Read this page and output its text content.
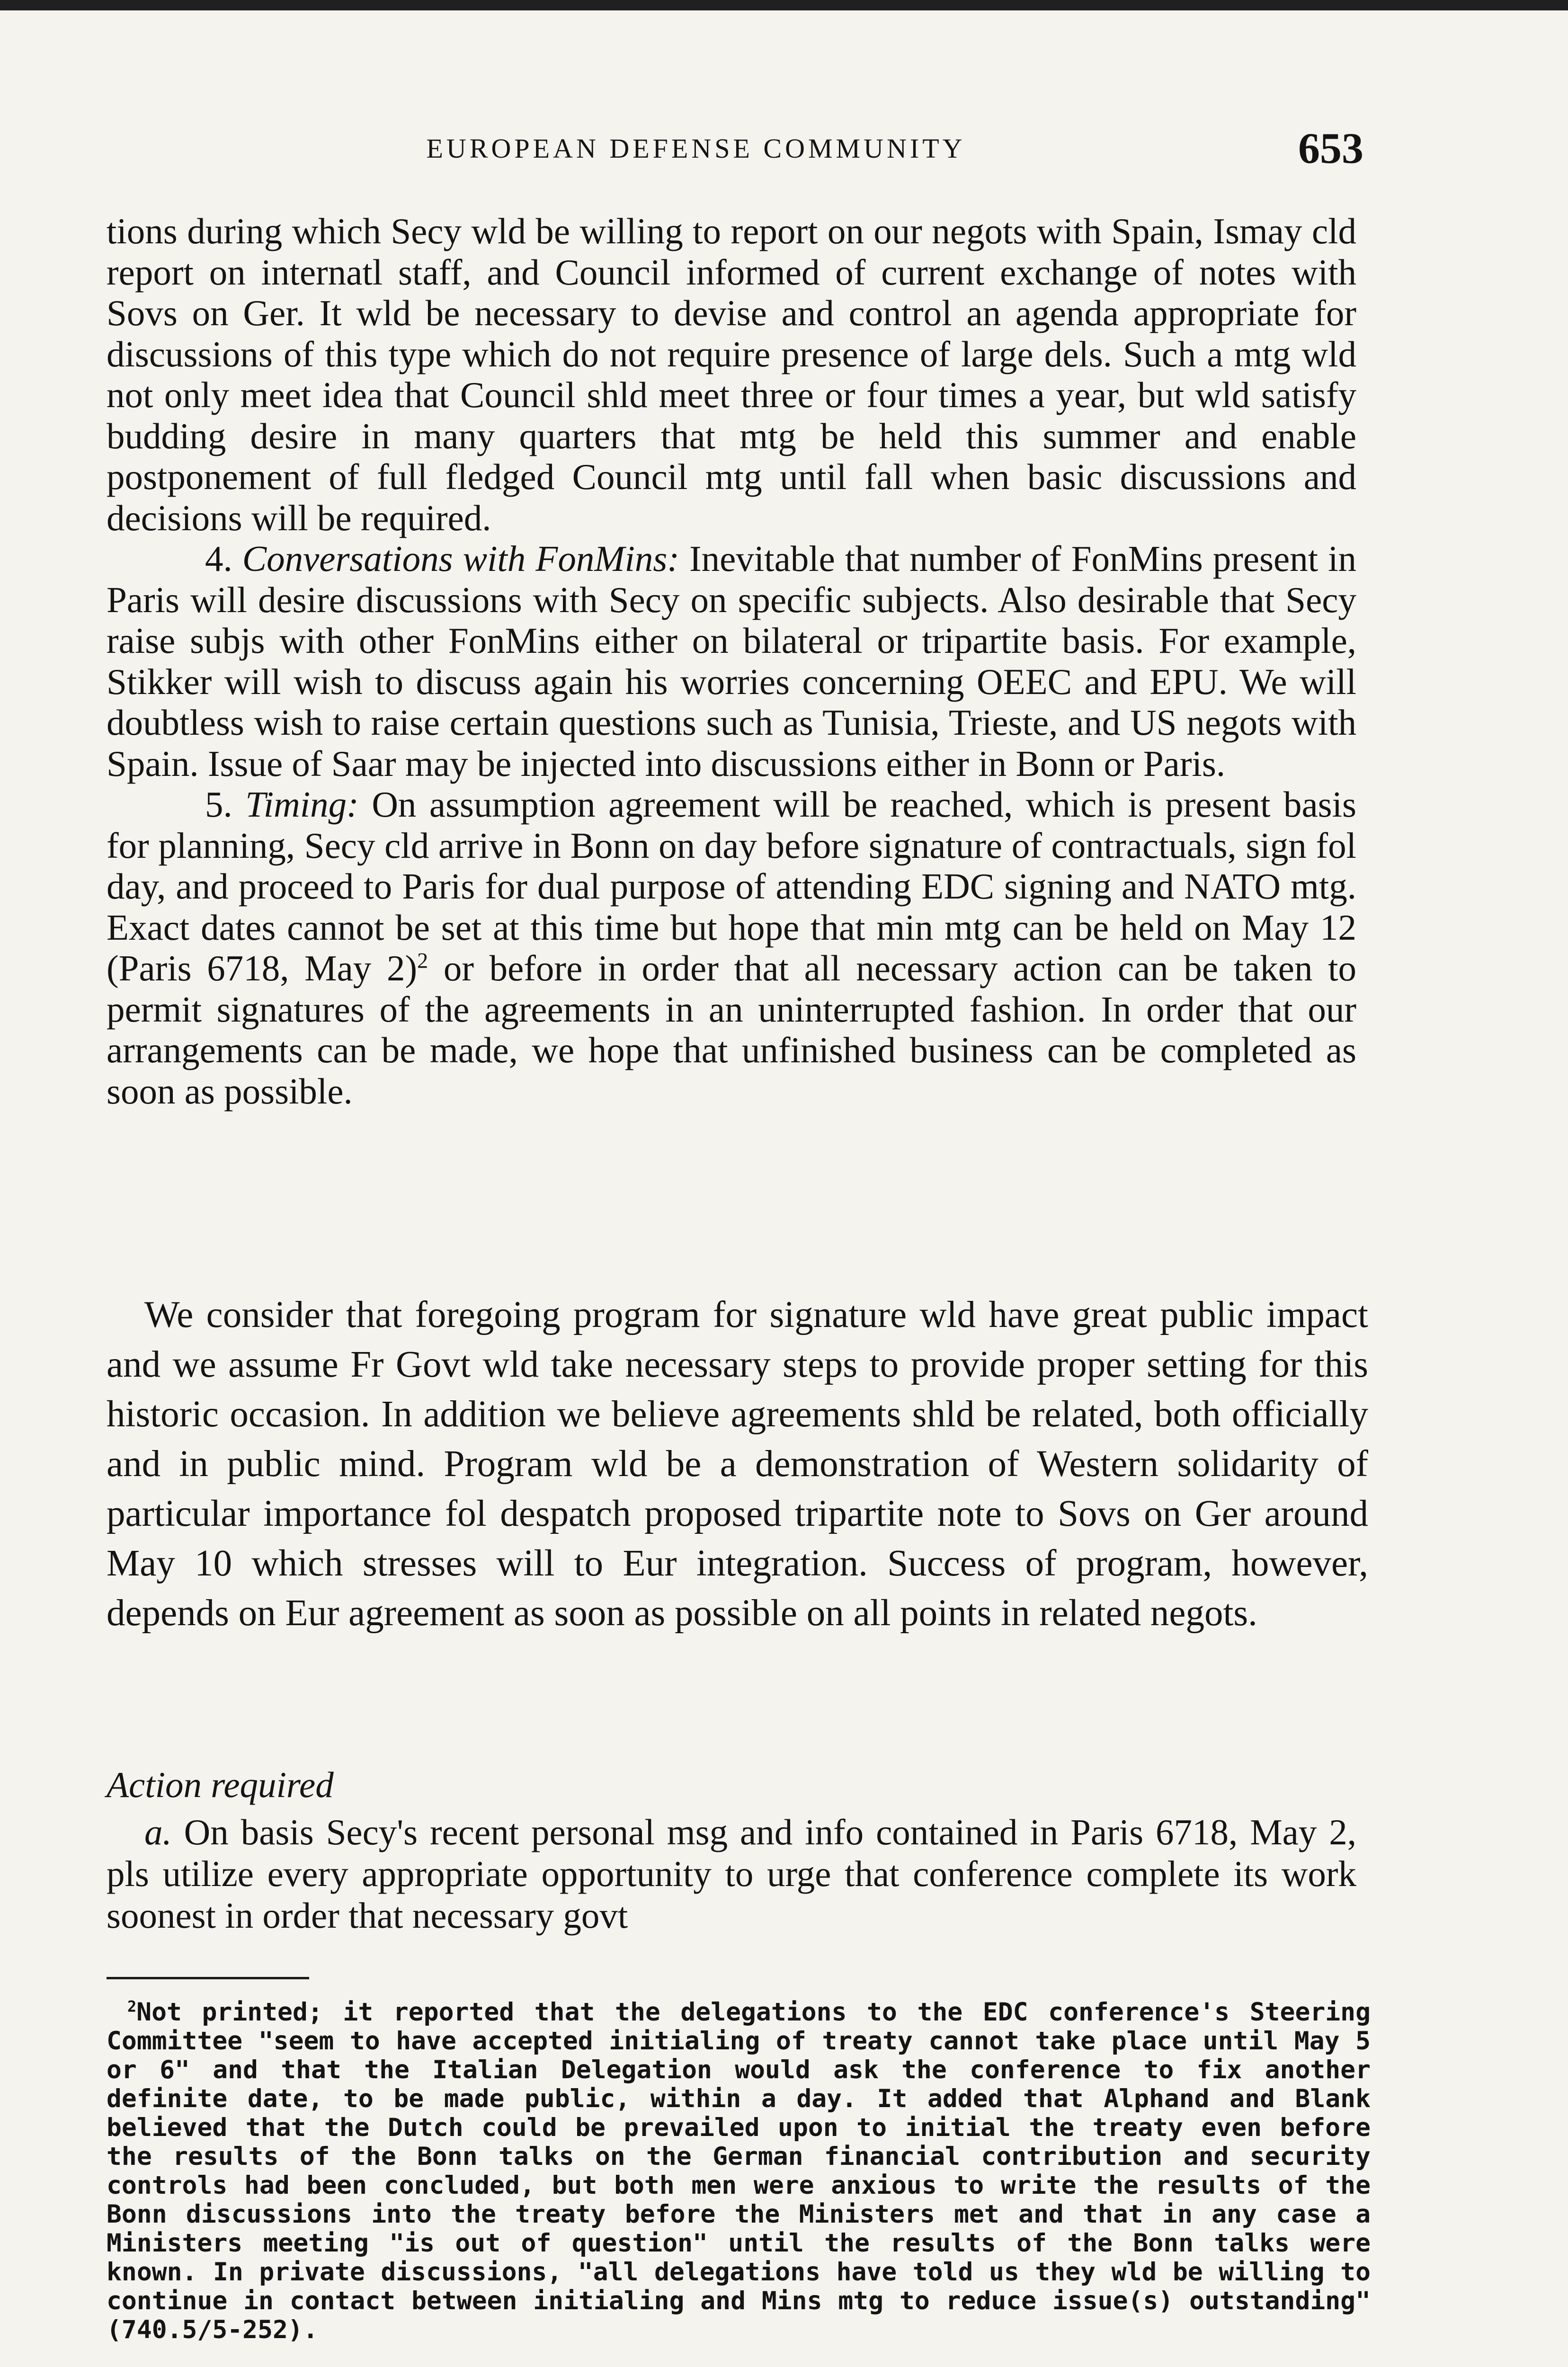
EUROPEAN DEFENSE COMMUNITY	653

tions during which Secy wld be willing to report on our negots with Spain, Ismay cld report on internatl staff, and Council informed of current exchange of notes with Sovs on Ger. It wld be necessary to devise and control an agenda appropriate for discussions of this type which do not require presence of large dels. Such a mtg wld not only meet idea that Council shld meet three or four times a year, but wld satisfy budding desire in many quarters that mtg be held this summer and enable postponement of full fledged Council mtg until fall when basic discussions and decisions will be required.

4. Conversations with FonMins: Inevitable that number of FonMins present in Paris will desire discussions with Secy on specific subjects. Also desirable that Secy raise subjs with other FonMins either on bilateral or tripartite basis. For example, Stikker will wish to discuss again his worries concerning OEEC and EPU. We will doubtless wish to raise certain questions such as Tunisia, Trieste, and US negots with Spain. Issue of Saar may be injected into discussions either in Bonn or Paris.

5. Timing: On assumption agreement will be reached, which is present basis for planning, Secy cld arrive in Bonn on day before signature of contractuals, sign fol day, and proceed to Paris for dual purpose of attending EDC signing and NATO mtg. Exact dates cannot be set at this time but hope that min mtg can be held on May 12 (Paris 6718, May 2)$^2$ or before in order that all necessary action can be taken to permit signatures of the agreements in an uninterrupted fashion. In order that our arrangements can be made, we hope that unfinished business can be completed as soon as possible.

We consider that foregoing program for signature wld have great public impact and we assume Fr Govt wld take necessary steps to provide proper setting for this historic occasion. In addition we believe agreements shld be related, both officially and in public mind. Program wld be a demonstration of Western solidarity of particular importance fol despatch proposed tripartite note to Sovs on Ger around May 10 which stresses will to Eur integration. Success of program, however, depends on Eur agreement as soon as possible on all points in related negots.

Action required

a. On basis Secy's recent personal msg and info contained in Paris 6718, May 2, pls utilize every appropriate opportunity to urge that conference complete its work soonest in order that necessary govt

$^2$Not printed; it reported that the delegations to the EDC conference's Steering Committee "seem to have accepted initialing of treaty cannot take place until May 5 or 6" and that the Italian Delegation would ask the conference to fix another definite date, to be made public, within a day. It added that Alphand and Blank believed that the Dutch could be prevailed upon to initial the treaty even before the results of the Bonn talks on the German financial contribution and security controls had been concluded, but both men were anxious to write the results of the Bonn discussions into the treaty before the Ministers met and that in any case a Ministers meeting "is out of question" until the results of the Bonn talks were known. In private discussions, "all delegations have told us they wld be willing to continue in contact between initialing and Mins mtg to reduce issue(s) outstanding" (740.5/5-252).
